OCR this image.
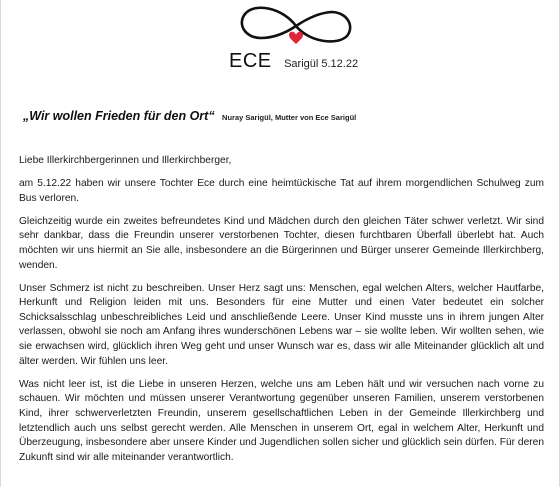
ECE Sarigül 5.12.22
„Wir wollen Frieden für den Ort“ Nuray Sarigül, Mutter von Ece Sarigül

Liebe Illerkirchbergerinnen und Illerkirchberger,

am 5.12.22 haben wir unsere Tochter Ece durch eine heimtückische Tat auf ihrem morgendlichen Schulweg zum Bus verloren.

Gleichzeitig wurde ein zweites befreundetes Kind und Mädchen durch den gleichen Täter schwer verletzt. Wir sind sehr dankbar, dass die Freundin unserer verstorbenen Tochter, diesen furchtbaren Überfall überlebt hat. Auch möchten wir uns hiermit an Sie alle, insbesondere an die Bürgerinnen und Bürger unserer Gemeinde Illerkirchberg, wenden.

Unser Schmerz ist nicht zu beschreiben. Unser Herz sagt uns: Menschen, egal welchen Alters, welcher Hautfarbe, Herkunft und Religion leiden mit uns. Besonders für eine Mutter und einen Vater bedeutet ein solcher Schicksalsschlag unbeschreibliches Leid und anschließende Leere. Unser Kind musste uns in ihrem jungen Alter verlassen, obwohl sie noch am Anfang ihres wunderschönen Lebens war – sie wollte leben. Wir wollten sehen, wie sie erwachsen wird, glücklich ihren Weg geht und unser Wunsch war es, dass wir alle Miteinander glücklich alt und älter werden. Wir fühlen uns leer.

Was nicht leer ist, ist die Liebe in unseren Herzen, welche uns am Leben hält und wir versuchen nach vorne zu schauen. Wir möchten und müssen unserer Verantwortung gegenüber unseren Familien, unserem verstorbenen Kind, ihrer schwerverletzten Freundin, unserem gesellschaftlichen Leben in der Gemeinde Illerkirchberg und letztendlich auch uns selbst gerecht werden. Alle Menschen in unserem Ort, egal in welchem Alter, Herkunft und Überzeugung, insbesondere aber unsere Kinder und Jugendlichen sollen sicher und glücklich sein dürfen. Für deren Zukunft sind wir alle miteinander verantwortlich.
